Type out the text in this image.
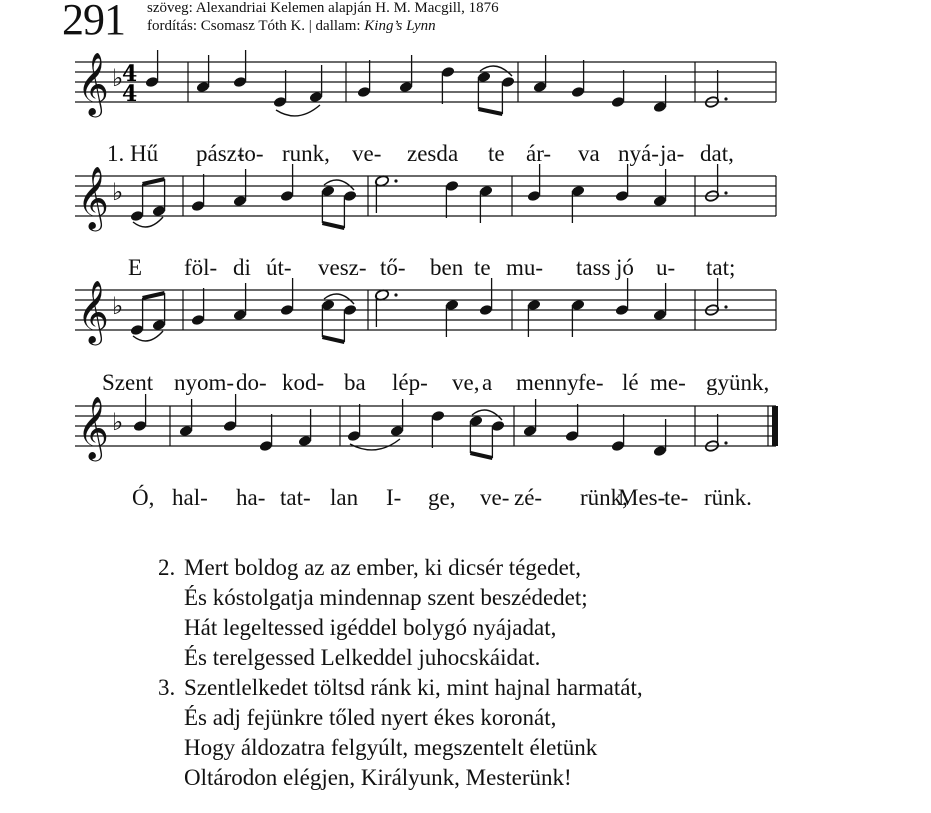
291 szöveg: Alexandriai Kelemen alapján H. M. Macgill, 1876
fordítás: Csomasz Tóth K. | dallam: King’s Lynn
𝄞 ♭
4
4
1. Hű pász-
to- runk, ve- zesd a te ár- va nyá- ja- dat,
𝄞 ♭
E föl- di út- vesz- tő- ben te mu- tass jó u- tat;
𝄞 ♭
Szent nyom- do- kod- ba lép- ve, a menny fe- lé me- gyünk,
𝄞 ♭
Ó, hal- ha- tat- lan I- ge, ve- zé- rünk,
Mes-
te- rünk.
2. Mert boldog az az ember, ki dicsér tégedet,
És kóstolgatja mindennap szent beszédedet;
Hát legeltessed igéddel bolygó nyájadat,
És terelgessed Lelkeddel juhocskáidat.
3. Szentlelkedet töltsd ránk ki, mint hajnal harmatát,
És adj fejünkre tőled nyert ékes koronát,
Hogy áldozatra felgyúlt, megszentelt életünk
Oltárodon elégjen, Királyunk, Mesterünk!
